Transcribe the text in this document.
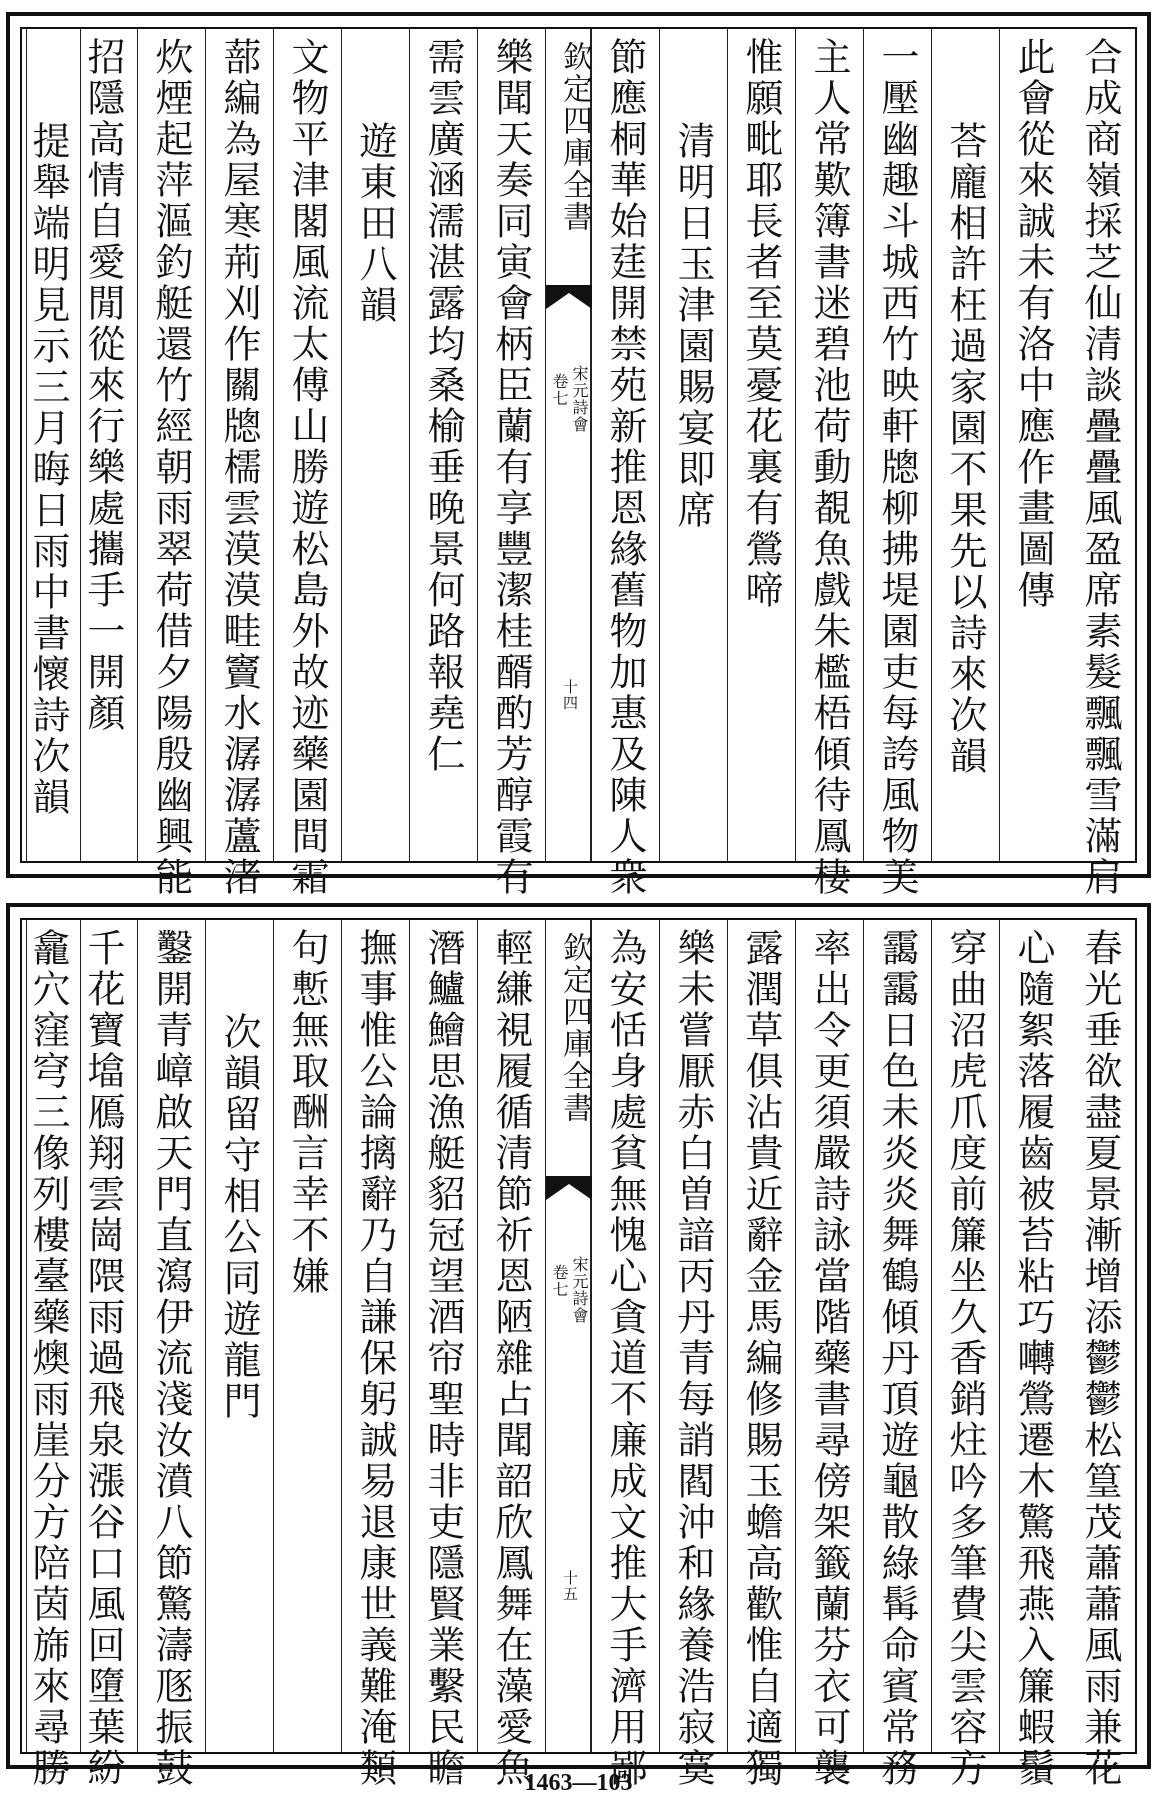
合成商嶺採芝仙清談疊疊風盈席素髮飄飄雪滿肩
此會從來誠未有洛中應作畫圖傳
荅龐相許枉過家園不果先以詩來次韻
一壓幽趣斗城西竹映軒牕柳拂堤園吏每誇風物美
主人常歎簿書迷碧池荷動覩魚戲朱檻梧傾待鳳棲
惟願毗耶長者至莫憂花裏有鶯啼
清明日玉津園賜宴即席
節應桐華始莛開禁苑新推恩緣舊物加惠及陳人衆
欽定四庫全書
卷七 宋元詩會
十四
樂聞天奏同寅會柄臣蘭有享豐潔桂醑酌芳醇霞有
需雲廣涵濡湛露均桑榆垂晚景何路報堯仁
遊東田八韻
文物平津閣風流太傅山勝遊松島外故迹藥園間霜
蔀編為屋寒荊刈作關牕檽雲漠漠畦竇水潺潺蘆渚
炊煙起萍漚釣艇還竹經朝雨翠荷借夕陽殷幽興能
招隱高情自愛閒從來行樂處攜手一開顏
提舉端明見示三月晦日雨中書懷詩次韻
春光垂欲盡夏景漸增添鬱鬱松篁茂蕭蕭風雨兼花
心隨絮落履齒被苔粘巧囀鶯遷木驚飛燕入簾蝦鬚
穿曲沼虎爪度前簾坐久香銷炷吟多筆費尖雲容方
靄靄日色未炎炎舞鶴傾丹頂遊龜散綠髯命賓常務
率出令更須嚴詩詠當階藥書尋傍架籤蘭芬衣可襲
露潤草俱沾貴近辭金馬編修賜玉蟾高歡惟自適獨
樂未嘗厭赤白曽諳丙丹青每誚閻沖和緣養浩寂寞
為安恬身處貧無愧心貪道不廉成文推大手濟用鄙
欽定四庫全書
卷七 宋元詩會
十五
輕縑視履循清節祈恩陋雜占聞韶欣鳳舞在藻愛魚
潛鱸鱠思漁艇貂冠望酒帘聖時非吏隱賢業繫民瞻
撫事惟公論摛辭乃自謙保躬誠易退康世義難淹類
句慙無取酬言幸不嫌
次韻留守相公同遊龍門
鑿開青嶂啟天門直瀉伊流淺汝濆八節驚濤豗振鼓
千花寶墖鴈翔雲崗隈雨過飛泉漲谷口風回墮葉紛
龕穴窪穹三像列樓臺藥燠雨崖分方陪茵旆來尋勝	1463—103
